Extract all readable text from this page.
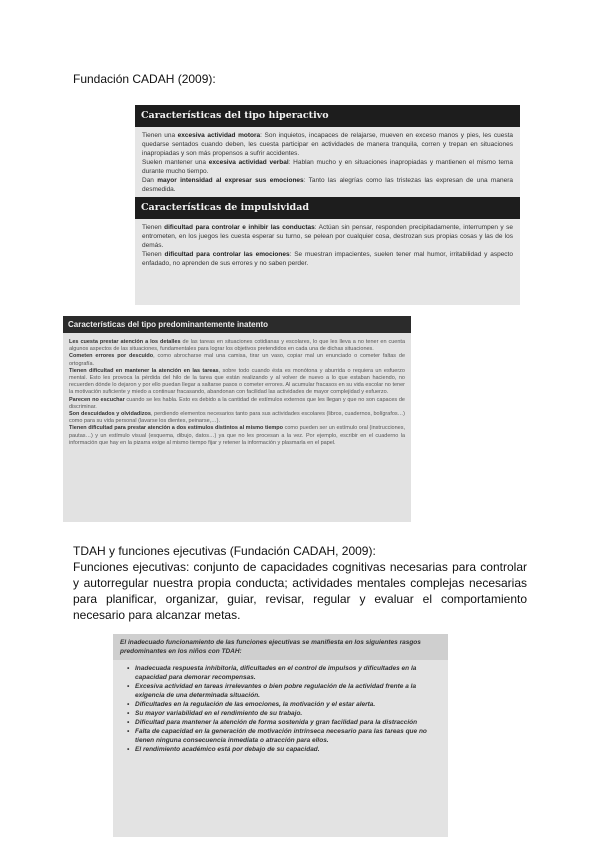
Fundación CADAH (2009):
Características del tipo hiperactivo
Tienen una excesiva actividad motora: Son inquietos, incapaces de relajarse, mueven en exceso manos y pies, les cuesta quedarse sentados cuando deben, les cuesta participar en actividades de manera tranquila, corren y trepan en situaciones inapropiadas y son más propensos a sufrir accidentes.
Suelen mantener una excesiva actividad verbal: Hablan mucho y en situaciones inapropiadas y mantienen el mismo tema durante mucho tiempo.
Dan mayor intensidad al expresar sus emociones: Tanto las alegrías como las tristezas las expresan de una manera desmedida.
Características de impulsividad
Tienen dificultad para controlar e inhibir las conductas: Actúan sin pensar, responden precipitadamente, interrumpen y se entrometen, en los juegos les cuesta esperar su turno, se pelean por cualquier cosa, destrozan sus propias cosas y las de los demás.
Tienen dificultad para controlar las emociones: Se muestran impacientes, suelen tener mal humor, irritabilidad y aspecto enfadado, no aprenden de sus errores y no saben perder.
Características del tipo predominantemente inatento
Les cuesta prestar atención a los detalles de las tareas en situaciones cotidianas y escolares, lo que les lleva a no tener en cuenta algunos aspectos de las situaciones, fundamentales para lograr los objetivos pretendidos en cada una de dichas situaciones.
Cometen errores por descuido, como abrocharse mal una camisa, tirar un vaso, copiar mal un enunciado o cometer faltas de ortografía.
Tienen dificultad en mantener la atención en las tareas, sobre todo cuando ésta es monótona y aburrida o requiera un esfuerzo mental. Esto les provoca la pérdida del hilo de la tarea que están realizando y al volver de nuevo a lo que estaban haciendo, no recuerden dónde lo dejaron y por ello puedan llegar a saltarse pasos o cometer errores. Al acumular fracasos en su vida escolar no tener la motivación suficiente y miedo a continuar fracasando, abandonan con facilidad las actividades de mayor complejidad y esfuerzo.
Parecen no escuchar cuando se les habla. Esto es debido a la cantidad de estímulos externos que les llegan y que no son capaces de discriminar.
Son descuidados y olvidadizos, perdiendo elementos necesarios tanto para sus actividades escolares (libros, cuadernos, bolígrafos…) como para su vida personal (lavarse los dientes, peinarse,…).
Tienen dificultad para prestar atención a dos estímulos distintos al mismo tiempo como pueden ser un estímulo oral (instrucciones, pautas…) y un estímulo visual (esquema, dibujo, datos…) ya que no les procesan a la vez. Por ejemplo, escribir en el cuaderno la información que hay en la pizarra exige al mismo tiempo fijar y retener la información y plasmarla en el papel.
TDAH y funciones ejecutivas (Fundación CADAH, 2009):
Funciones ejecutivas: conjunto de capacidades cognitivas necesarias para controlar y autorregular nuestra propia conducta; actividades mentales complejas necesarias para planificar, organizar, guiar, revisar, regular y evaluar el comportamiento necesario para alcanzar metas.
El inadecuado funcionamiento de las funciones ejecutivas se manifiesta en los siguientes rasgos predominantes en los niños con TDAH:
• Inadecuada respuesta inhibitoria, dificultades en el control de impulsos y dificultades en la capacidad para demorar recompensas.
• Excesiva actividad en tareas irrelevantes o bien pobre regulación de la actividad frente a la exigencia de una determinada situación.
• Dificultades en la regulación de las emociones, la motivación y el estar alerta.
• Su mayor variabilidad en el rendimiento de su trabajo.
• Dificultad para mantener la atención de forma sostenida y gran facilidad para la distracción
• Falta de capacidad en la generación de motivación intrínseca necesario para las tareas que no tienen ninguna consecuencia inmediata o atracción para ellos.
• El rendimiento académico está por debajo de su capacidad.
